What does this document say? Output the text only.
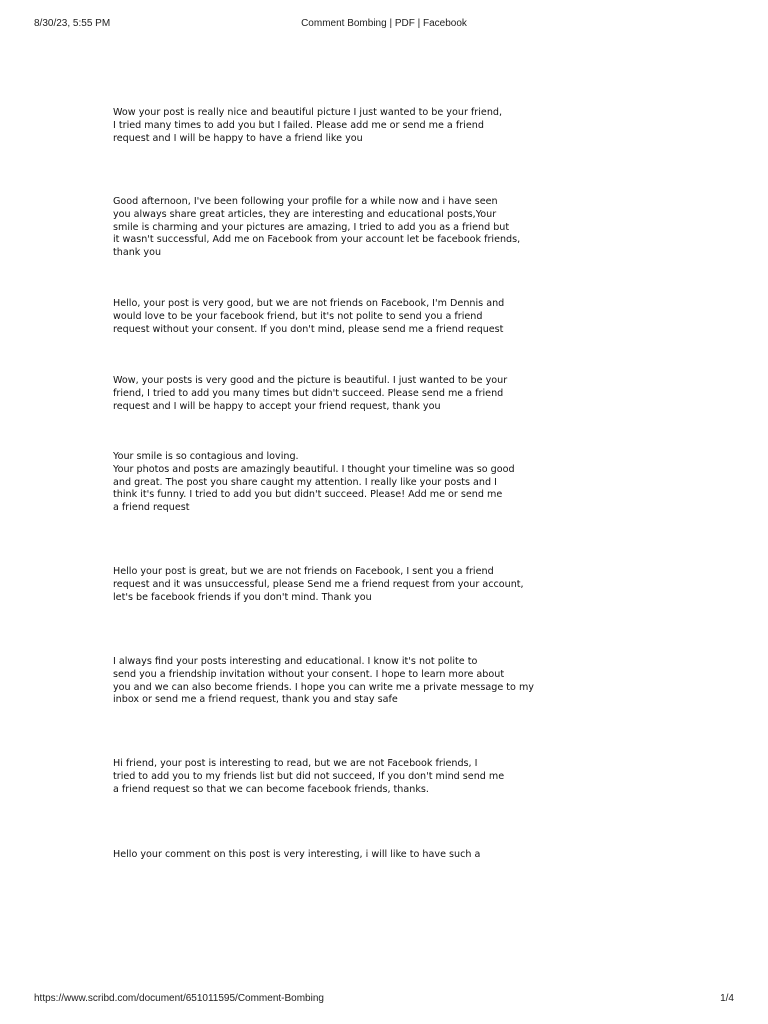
8/30/23, 5:55 PM	Comment Bombing | PDF | Facebook
Wow your post is really nice and beautiful picture I just wanted to be your friend,
I tried many times to add you but I failed. Please add me or send me a friend
request and I will be happy to have a friend like you
Good afternoon, I've been following your profile for a while now and i have seen
you always share great articles, they are interesting and educational posts,Your
smile is charming and your pictures are amazing, I tried to add you as a friend but
it wasn't successful, Add me on Facebook from your account let be facebook friends,
thank you
Hello, your post is very good, but we are not friends on Facebook, I'm Dennis and
would love to be your facebook friend, but it's not polite to send you a friend
request without your consent. If you don't mind, please send me a friend request
Wow, your posts is very good and the picture is beautiful. I just wanted to be your
friend, I tried to add you many times but didn't succeed. Please send me a friend
request and I will be happy to accept your friend request, thank you
Your smile is so contagious and loving.
Your photos and posts are amazingly beautiful. I thought your timeline was so good
and great. The post you share caught my attention. I really like your posts and I
think it's funny. I tried to add you but didn't succeed. Please! Add me or send me
a friend request
Hello your post is great, but we are not friends on Facebook, I sent you a friend
request and it was unsuccessful, please Send me a friend request from your account,
let's be facebook friends if you don't mind. Thank you
I always find your posts interesting and educational. I know it's not polite to
send you a friendship invitation without your consent. I hope to learn more about
you and we can also become friends. I hope you can write me a private message to my
inbox or send me a friend request, thank you and stay safe
Hi friend, your post is interesting to read, but we are not Facebook friends, I
tried to add you to my friends list but did not succeed, If you don't mind send me
a friend request so that we can become facebook friends, thanks.
Hello your comment on this post is very interesting, i will like to have such a
https://www.scribd.com/document/651011595/Comment-Bombing	1/4
